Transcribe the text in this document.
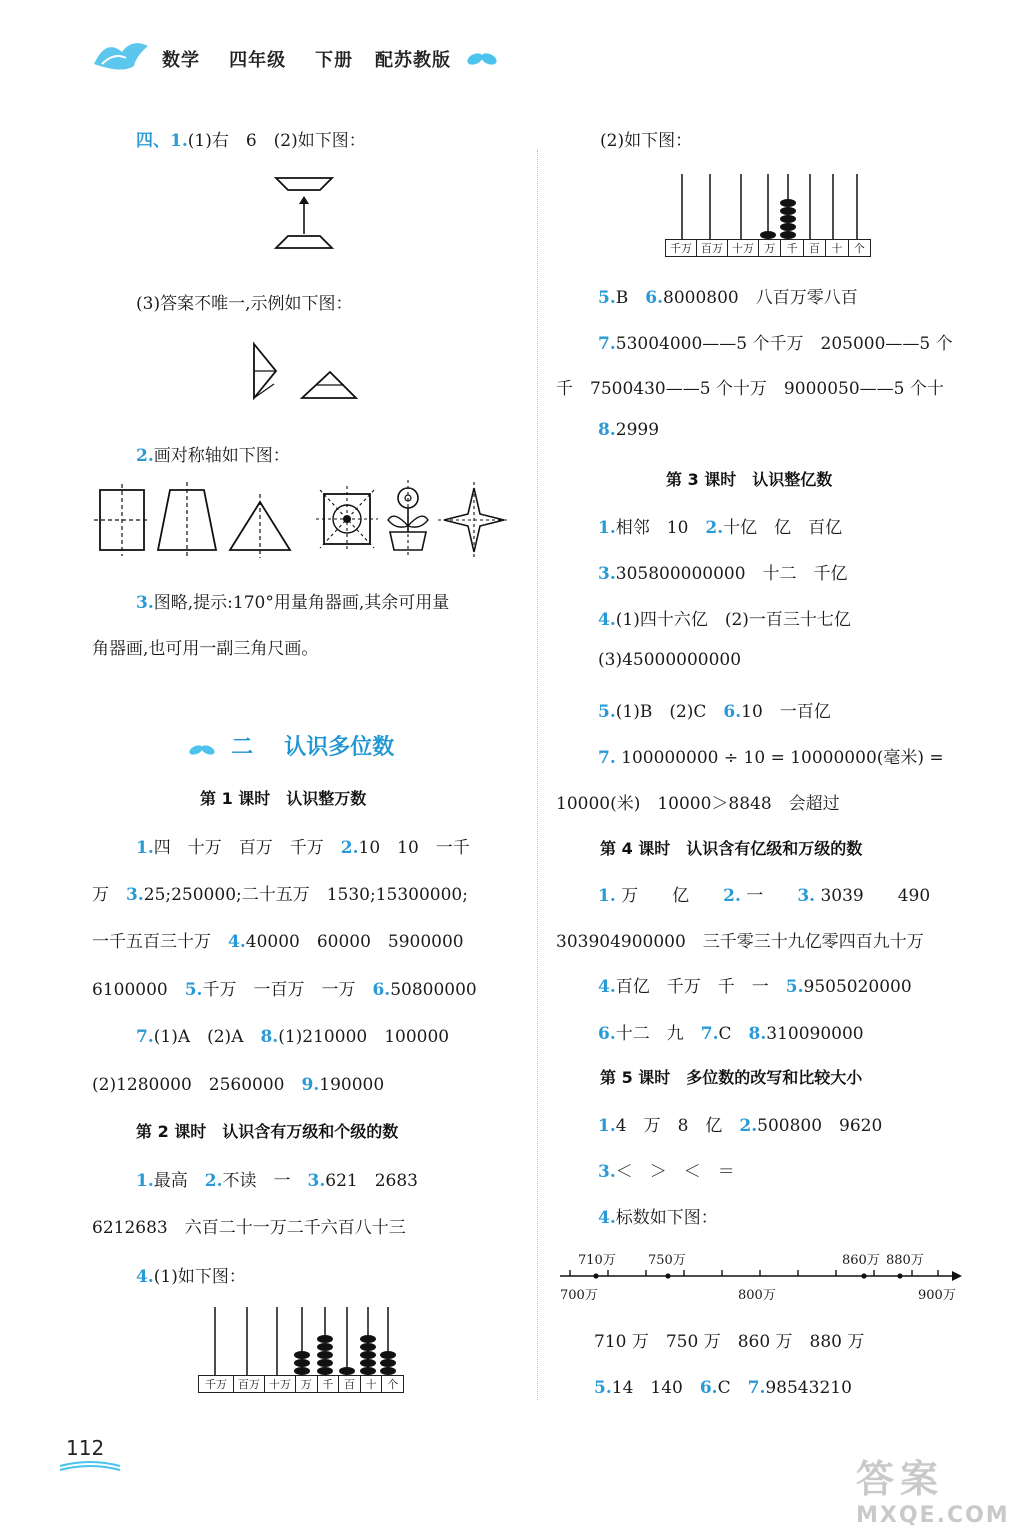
数学 四年级 下册 配苏教版
四、1.(1)右　6　(2)如下图：
(3)答案不唯一,示例如下图：
2.画对称轴如下图：
3.图略,提示:170°用量角器画,其余可用量
角器画,也可用一副三角尺画。
二 认识多位数
第 1 课时　认识整万数
1.四　十万　百万　千万　2.10　10　一千
万　3.25;250000;二十五万　1530;15300000;
一千五百三十万　4.40000　60000　5900000
6100000　5.千万　一百万　一万　6.50800000
7.(1)A　(2)A　8.(1)210000　100000
(2)1280000　2560000　9.190000
第 2 课时　认识含有万级和个级的数
1.最高　2.不读　一　3.621　2683
6212683　六百二十一万二千六百八十三
4.(1)如下图：
千万	百万	十万	万	千	百	十	个
(2)如下图：
千万	百万	十万	万	千	百	十	个
5.B　6.8000800　八百万零八百
7.53004000——5 个千万　205000——5 个
千　7500430——5 个十万　9000050——5 个十
8.2999
第 3 课时　认识整亿数
1.相邻　10　2.十亿　亿　百亿
3.305800000000　十二　千亿
4.(1)四十六亿　(2)一百三十七亿
(3)45000000000
5.(1)B　(2)C　6.10　一百亿
7. 100000000 ÷ 10 = 10000000(毫米) =
10000(米)　10000＞8848　会超过
第 4 课时　认识含有亿级和万级的数
1. 万　　亿　　2. 一　　3. 3039　　490
303904900000　三千零三十九亿零四百九十万
4.百亿　千万　千　一　5.9505020000
6.十二　九　7.C　8.310090000
第 5 课时　多位数的改写和比较大小
1.4　万　8　亿　2.500800　9620
3.＜　＞　＜　＝
4.标数如下图：
710万 750万	860万 880万
700万	800万	900万
710 万　750 万　860 万　880 万
5.14　140　6.C　7.98543210
112
答案
MXQE.COM
